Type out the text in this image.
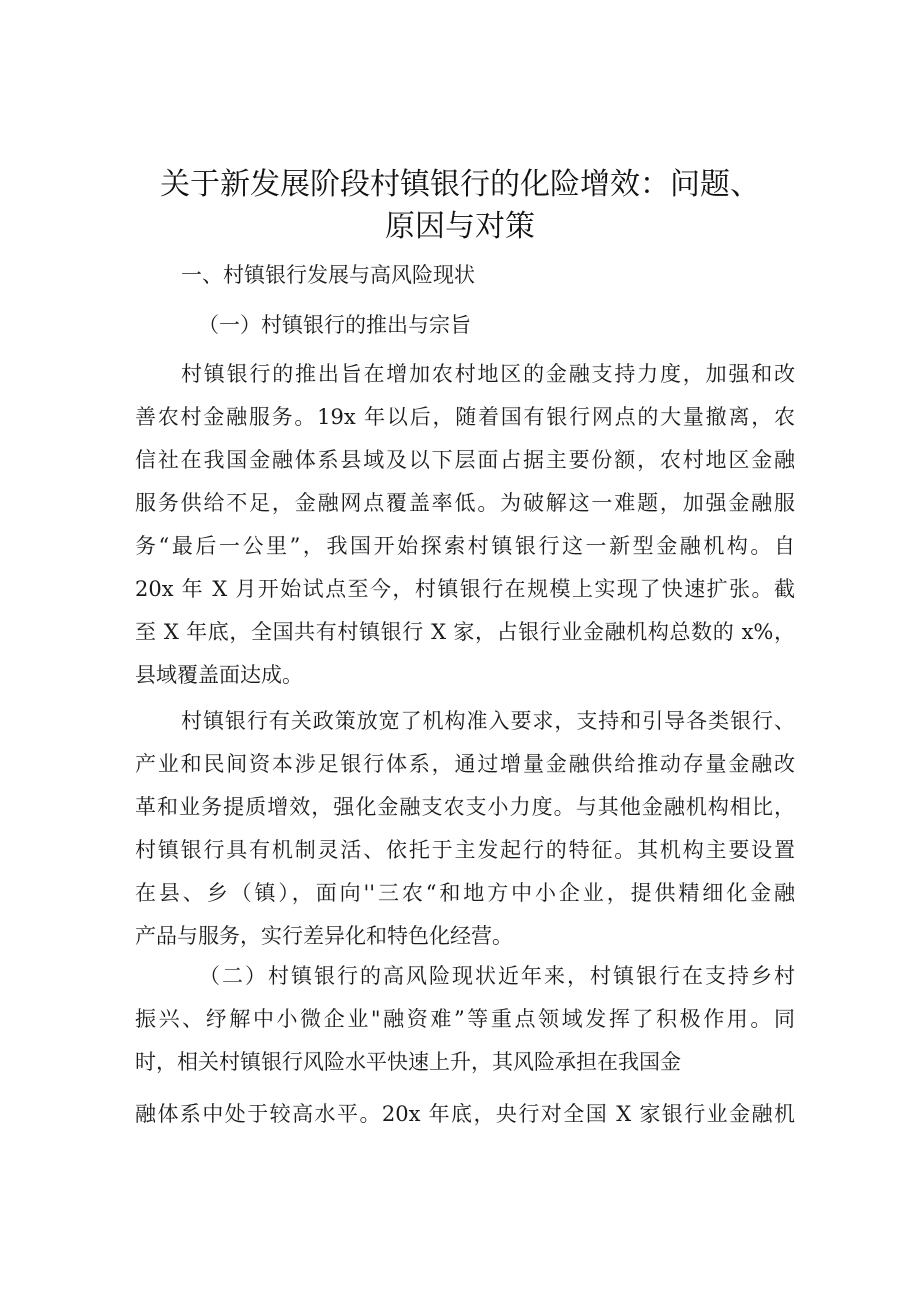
关于新发展阶段村镇银行的化险增效：问题、
原因与对策
一、村镇银行发展与高风险现状
（一）村镇银行的推出与宗旨
村镇银行的推出旨在增加农村地区的金融支持力度，加强和改
善农村金融服务。19x 年以后，随着国有银行网点的大量撤离，农
信社在我国金融体系县域及以下层面占据主要份额，农村地区金融
服务供给不足，金融网点覆盖率低。为破解这一难题，加强金融服
务“最后一公里”，我国开始探索村镇银行这一新型金融机构。自
20x 年 X 月开始试点至今，村镇银行在规模上实现了快速扩张。截
至 X 年底，全国共有村镇银行 X 家，占银行业金融机构总数的 x%，
县域覆盖面达成。
村镇银行有关政策放宽了机构准入要求，支持和引导各类银行、
产业和民间资本涉足银行体系，通过增量金融供给推动存量金融改
革和业务提质增效，强化金融支农支小力度。与其他金融机构相比，
村镇银行具有机制灵活、依托于主发起行的特征。其机构主要设置
在县、乡（镇），面向''三农“和地方中小企业，提供精细化金融
产品与服务，实行差异化和特色化经营。
（二）村镇银行的高风险现状近年来，村镇银行在支持乡村
振兴、纾解中小微企业"融资难”等重点领域发挥了积极作用。同
时，相关村镇银行风险水平快速上升，其风险承担在我国金
融体系中处于较高水平。20x 年底，央行对全国 X 家银行业金融机
